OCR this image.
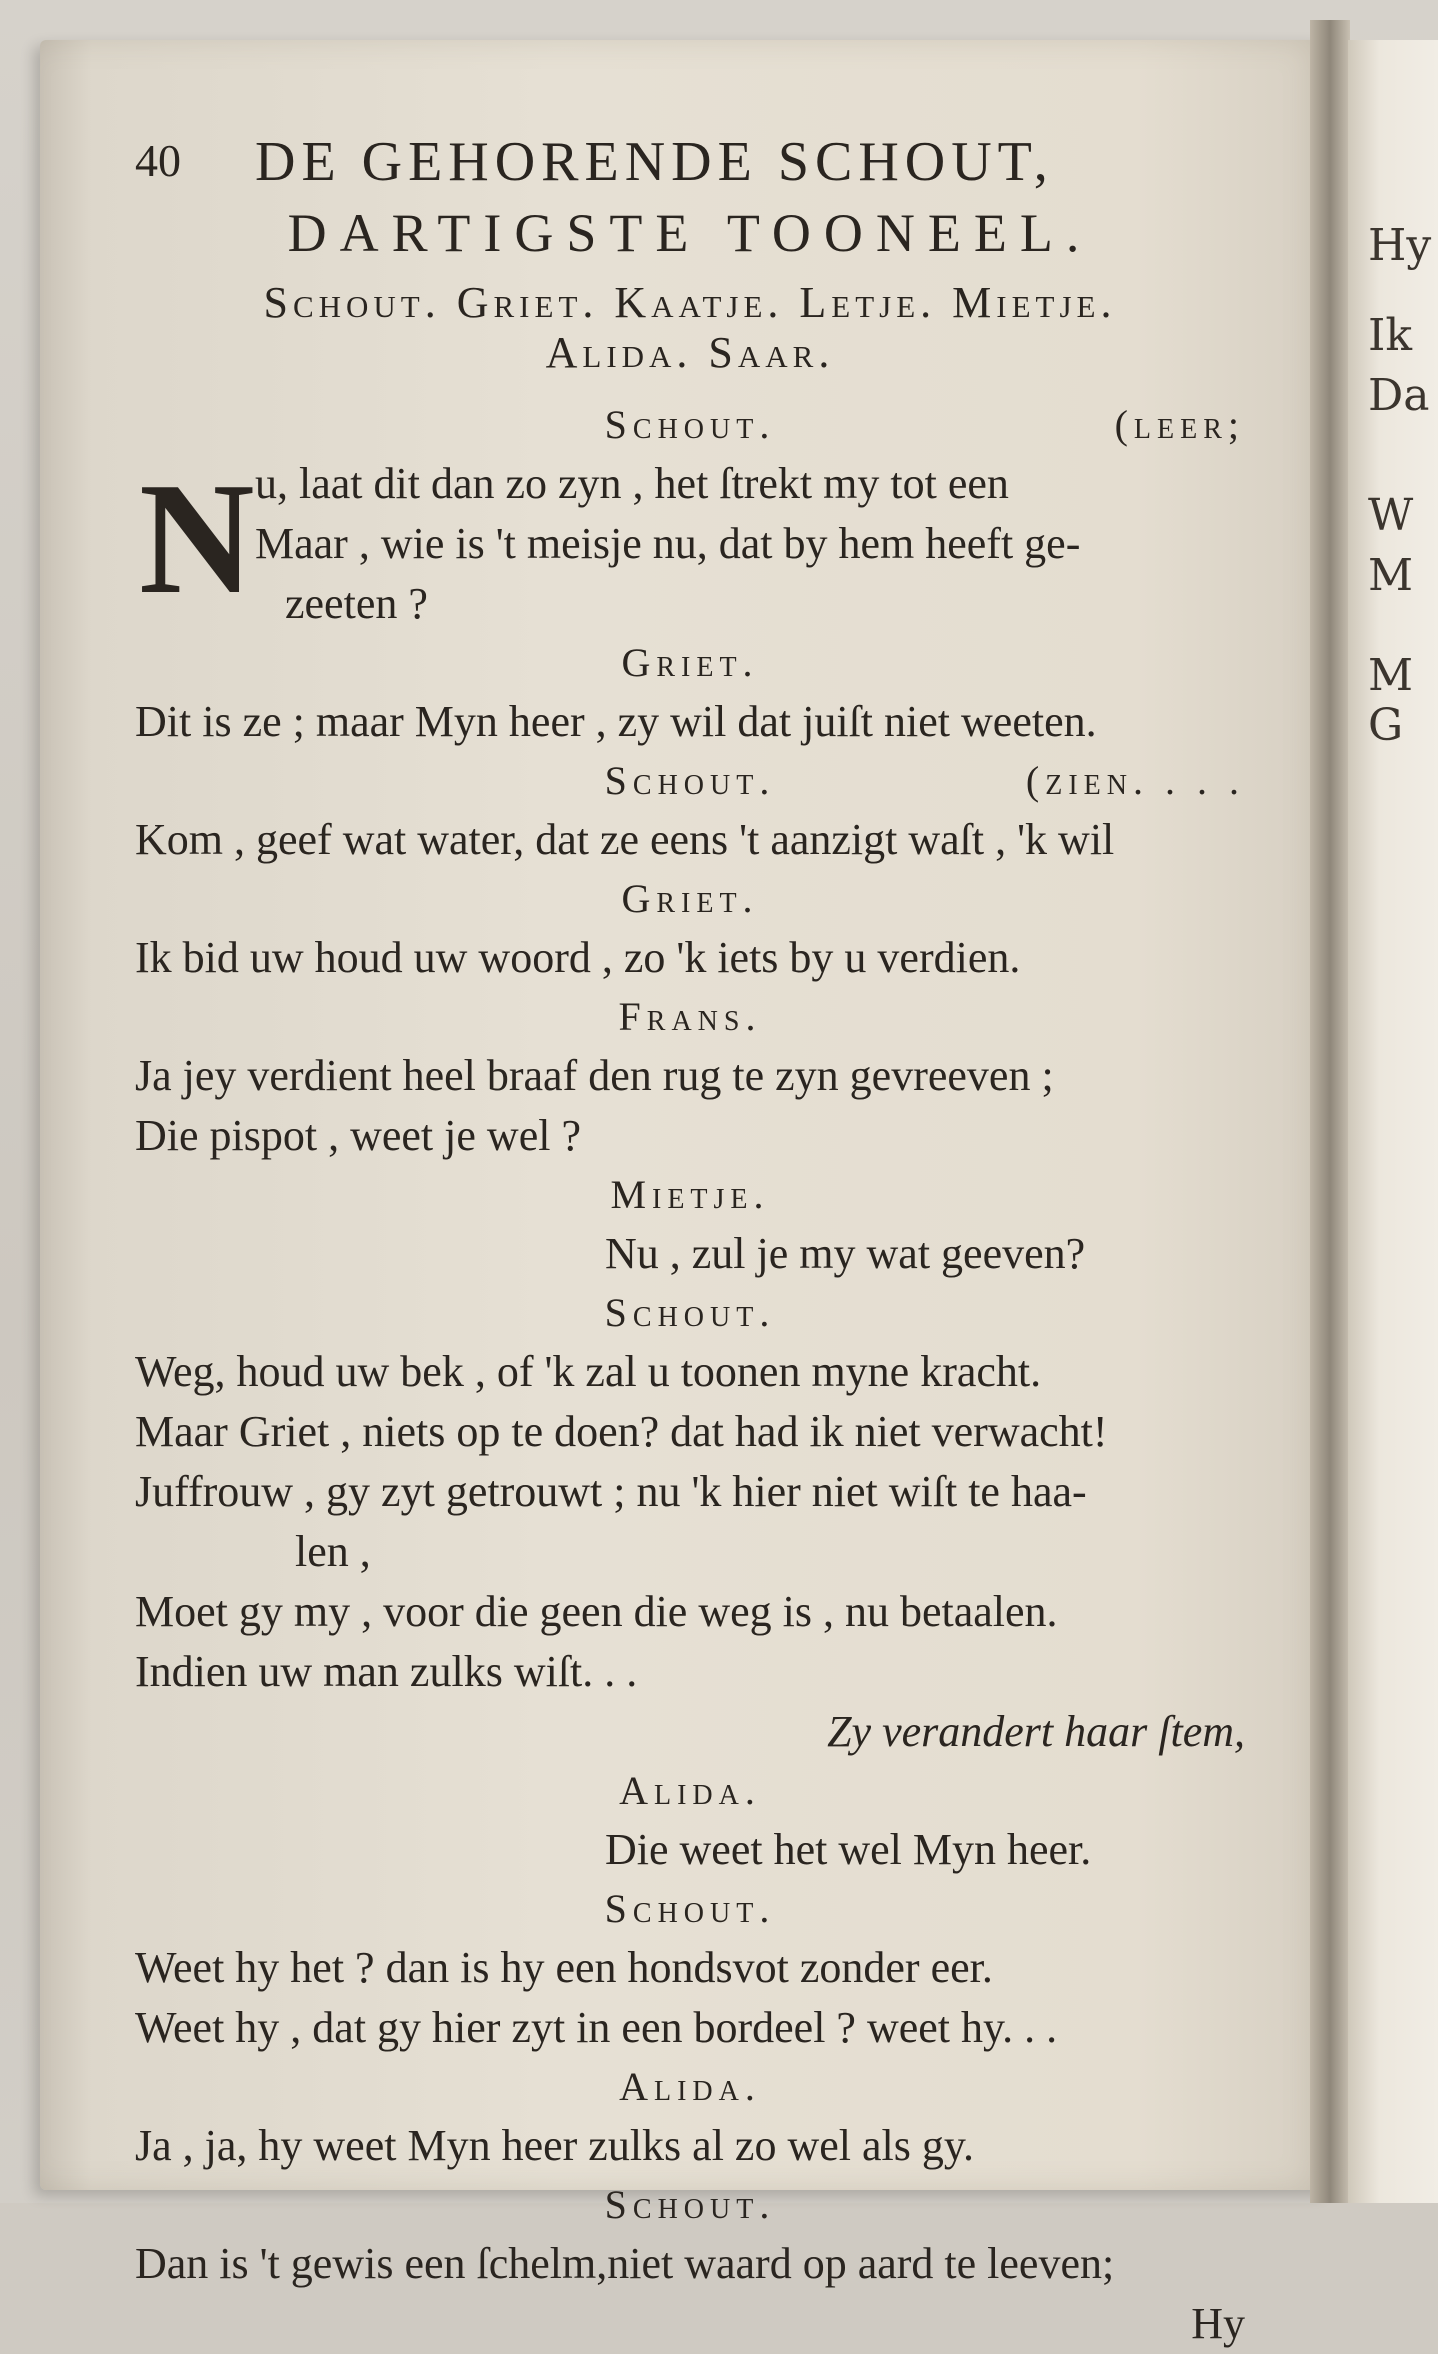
Hy
Ik
Da
W
M
M
G
40 DE GEHORENDE SCHOUT,
DARTIGSTE TOONEEL.
Schout. Griet. Kaatje. Letje. Mietje.
Alida. Saar.
Schout.	(leer;
N u, laat dit dan zo zyn , het ſtrekt my tot een
Maar , wie is 't meisje nu, dat by hem heeft ge-
zeeten ?
Griet.
Dit is ze ; maar Myn heer , zy wil dat juiſt niet weeten.
Schout.	(zien. . . .
Kom , geef wat water, dat ze eens 't aanzigt waſt , 'k wil
Griet.
Ik bid uw houd uw woord , zo 'k iets by u verdien.
Frans.
Ja jey verdient heel braaf den rug te zyn gevreeven ;
Die pispot , weet je wel ?
Mietje.
Nu , zul je my wat geeven?
Schout.
Weg, houd uw bek , of 'k zal u toonen myne kracht.
Maar Griet , niets op te doen? dat had ik niet verwacht!
Juffrouw , gy zyt getrouwt ; nu 'k hier niet wiſt te haa-
len ,
Moet gy my , voor die geen die weg is , nu betaalen.
Indien uw man zulks wiſt. . .
Zy verandert haar ſtem,
Alida.
Die weet het wel Myn heer.
Schout.
Weet hy het ? dan is hy een hondsvot zonder eer.
Weet hy , dat gy hier zyt in een bordeel ? weet hy. . .
Alida.
Ja , ja, hy weet Myn heer zulks al zo wel als gy.
Schout.
Dan is 't gewis een ſchelm,niet waard op aard te leeven;
Hy
